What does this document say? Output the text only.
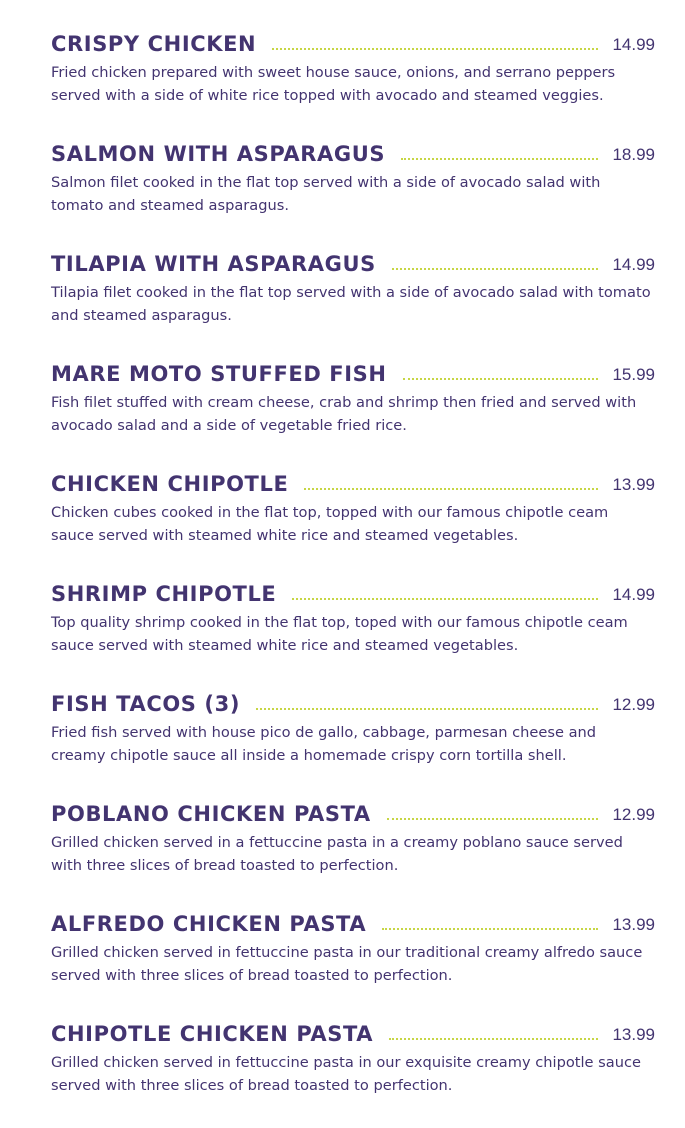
CRISPY CHICKEN	14.99
Fried chicken prepared with sweet house sauce, onions, and serrano peppers served with a side of white rice topped with avocado and steamed veggies.
SALMON WITH ASPARAGUS	18.99
Salmon filet cooked in the flat top served with a side of avocado salad with tomato and steamed asparagus.
TILAPIA WITH ASPARAGUS	14.99
Tilapia filet cooked in the flat top served with a side of avocado salad with tomato and steamed asparagus.
MARE MOTO STUFFED FISH	15.99
Fish filet stuffed with cream cheese, crab and shrimp then fried and served with avocado salad and a side of vegetable fried rice.
CHICKEN CHIPOTLE	13.99
Chicken cubes cooked in the flat top, topped with our famous chipotle ceam sauce served with steamed white rice and steamed vegetables.
SHRIMP CHIPOTLE	14.99
Top quality shrimp cooked in the flat top, toped with our famous chipotle ceam sauce served with steamed white rice and steamed vegetables.
FISH TACOS (3)	12.99
Fried fish served with house pico de gallo, cabbage, parmesan cheese and creamy chipotle sauce all inside a homemade crispy corn tortilla shell.
POBLANO CHICKEN PASTA	12.99
Grilled chicken served in a fettuccine pasta in a creamy poblano sauce served with three slices of bread toasted to perfection.
ALFREDO CHICKEN PASTA	13.99
Grilled chicken served in fettuccine pasta in our traditional creamy alfredo sauce served with three slices of bread toasted to perfection.
CHIPOTLE CHICKEN PASTA	13.99
Grilled chicken served in fettuccine pasta in our exquisite creamy chipotle sauce served with three slices of bread toasted to perfection.
